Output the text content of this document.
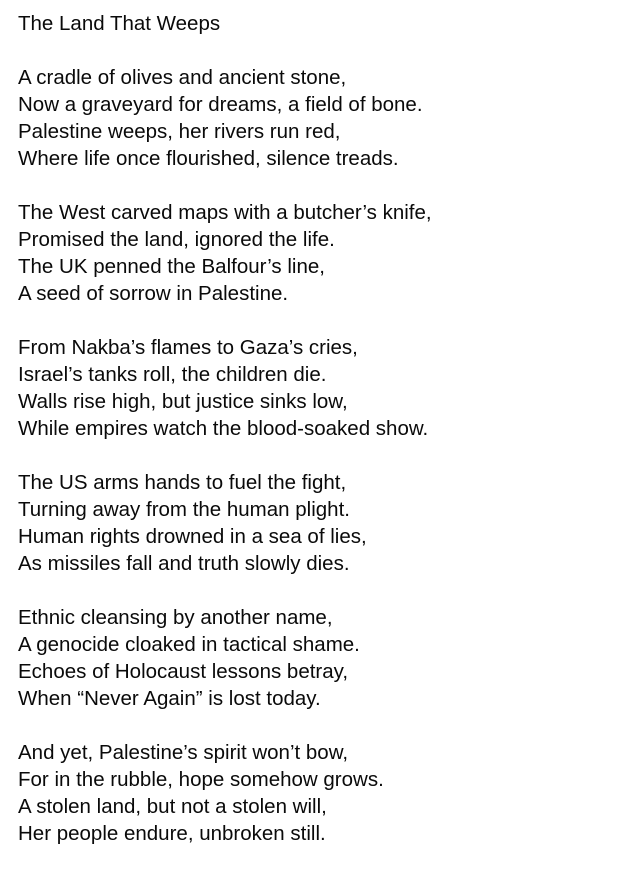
The Land That Weeps
A cradle of olives and ancient stone,
Now a graveyard for dreams, a field of bone.
Palestine weeps, her rivers run red,
Where life once flourished, silence treads.
The West carved maps with a butcher’s knife,
Promised the land, ignored the life.
The UK penned the Balfour’s line,
A seed of sorrow in Palestine.
From Nakba’s flames to Gaza’s cries,
Israel’s tanks roll, the children die.
Walls rise high, but justice sinks low,
While empires watch the blood-soaked show.
The US arms hands to fuel the fight,
Turning away from the human plight.
Human rights drowned in a sea of lies,
As missiles fall and truth slowly dies.
Ethnic cleansing by another name,
A genocide cloaked in tactical shame.
Echoes of Holocaust lessons betray,
When “Never Again” is lost today.
And yet, Palestine’s spirit won’t bow,
For in the rubble, hope somehow grows.
A stolen land, but not a stolen will,
Her people endure, unbroken still.
